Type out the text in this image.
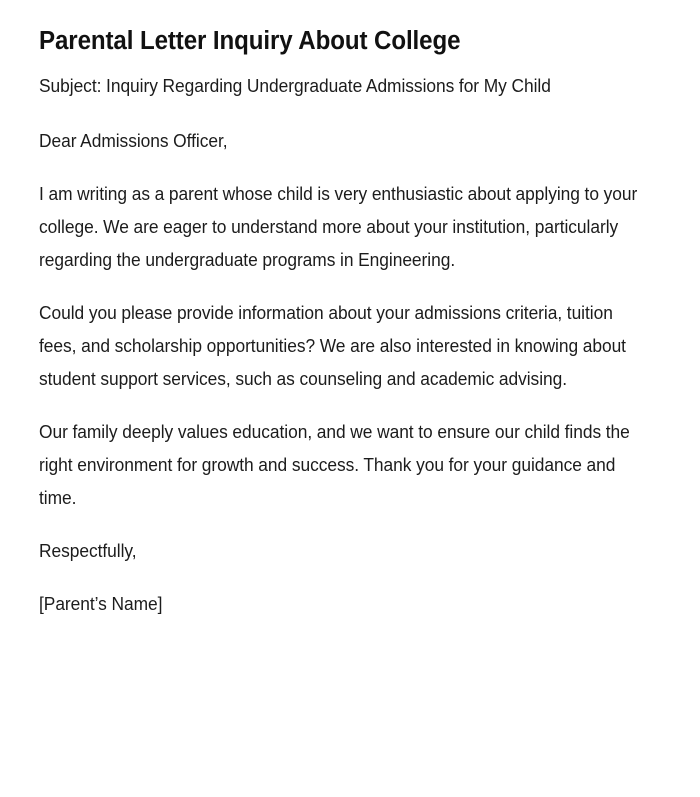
Parental Letter Inquiry About College

Subject: Inquiry Regarding Undergraduate Admissions for My Child

Dear Admissions Officer,

I am writing as a parent whose child is very enthusiastic about applying to your college. We are eager to understand more about your institution, particularly regarding the undergraduate programs in Engineering.

Could you please provide information about your admissions criteria, tuition fees, and scholarship opportunities? We are also interested in knowing about student support services, such as counseling and academic advising.

Our family deeply values education, and we want to ensure our child finds the right environment for growth and success. Thank you for your guidance and time.

Respectfully,

[Parent’s Name]
